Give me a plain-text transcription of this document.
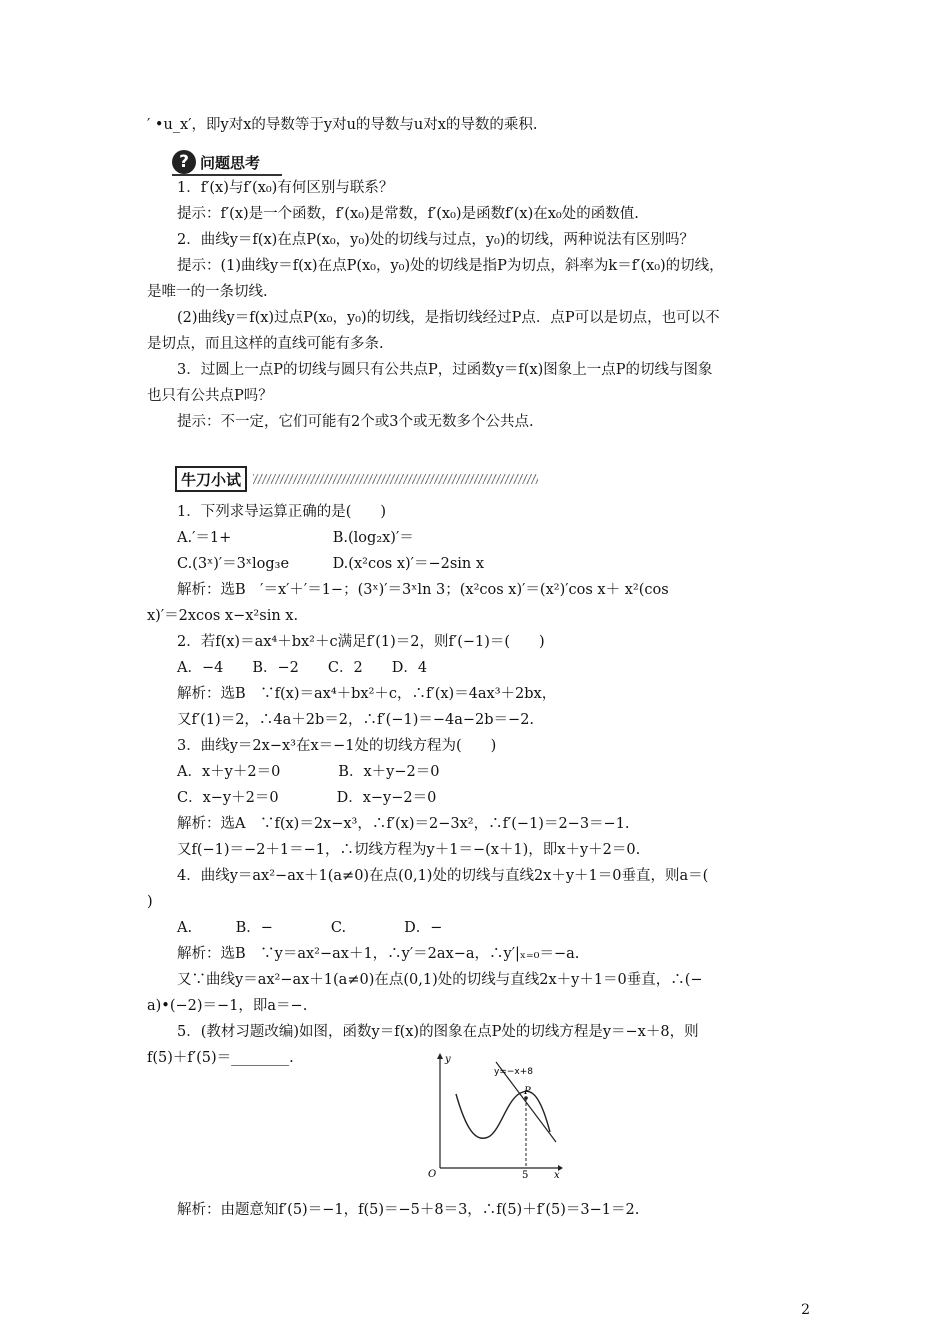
′ •u_x′，即y对x的导数等于y对u的导数与u对x的导数的乘积.
1．f′(x)与f′(x₀)有何区别与联系？
提示：f′(x)是一个函数，f′(x₀)是常数，f′(x₀)是函数f′(x)在x₀处的函数值.
2．曲线y＝f(x)在点P(x₀，y₀)处的切线与过点，y₀)的切线，两种说法有区别吗？
提示：(1)曲线y＝f(x)在点P(x₀，y₀)处的切线是指P为切点，斜率为k＝f′(x₀)的切线，
是唯一的一条切线.
(2)曲线y＝f(x)过点P(x₀，y₀)的切线，是指切线经过P点．点P可以是切点，也可以不
是切点，而且这样的直线可能有多条.
3．过圆上一点P的切线与圆只有公共点P，过函数y＝f(x)图象上一点P的切线与图象
也只有公共点P吗？
提示：不一定，它们可能有2个或3个或无数多个公共点.
1．下列求导运算正确的是(　　)
A.′＝1+　　　　　　　B.(log₂x)′＝
C.(3ˣ)′＝3ˣlog₃e　　　D.(x²cos x)′＝−2sin x
解析：选B　′＝x′＋′＝1−；(3ˣ)′＝3ˣln 3；(x²cos x)′＝(x²)′cos x＋ x²(cos
x)′＝2xcos x−x²sin x.
2．若f(x)＝ax⁴＋bx²＋c满足f′(1)＝2，则f′(−1)＝(　　)
A．−4　　B．−2　　C．2　　D．4
解析：选B　∵f(x)＝ax⁴＋bx²＋c，∴f′(x)＝4ax³＋2bx，
又f′(1)＝2，∴4a＋2b＝2，∴f′(−1)＝−4a−2b＝−2.
3．曲线y＝2x−x³在x＝−1处的切线方程为(　　)
A．x＋y＋2＝0　　　　B．x＋y−2＝0
C．x−y＋2＝0　　　　D．x−y−2＝0
解析：选A　∵f(x)＝2x−x³，∴f′(x)＝2−3x²，∴f′(−1)＝2−3＝−1.
又f(−1)＝−2＋1＝−1，∴切线方程为y＋1＝−(x＋1)，即x＋y＋2＝0.
4．曲线y＝ax²−ax＋1(a≠0)在点(0,1)处的切线与直线2x＋y＋1＝0垂直，则a＝(
)
A.　　　B．−　　　　C.　　　　D．−
解析：选B　∵y＝ax²−ax＋1，∴y′＝2ax−a，∴y′|ₓ₌₀＝−a.
又∵曲线y＝ax²−ax＋1(a≠0)在点(0,1)处的切线与直线2x＋y＋1＝0垂直，∴(−
a)•(−2)＝−1，即a＝−.
5．(教材习题改编)如图，函数y＝f(x)的图象在点P处的切线方程是y＝−x＋8，则
f(5)＋f′(5)＝________.
解析：由题意知f′(5)＝−1，f(5)＝−5＋8＝3，∴f(5)＋f′(5)＝3−1＝2.
? 问题思考
牛刀小试
y
x
O	5
P
y=−x+8
2
